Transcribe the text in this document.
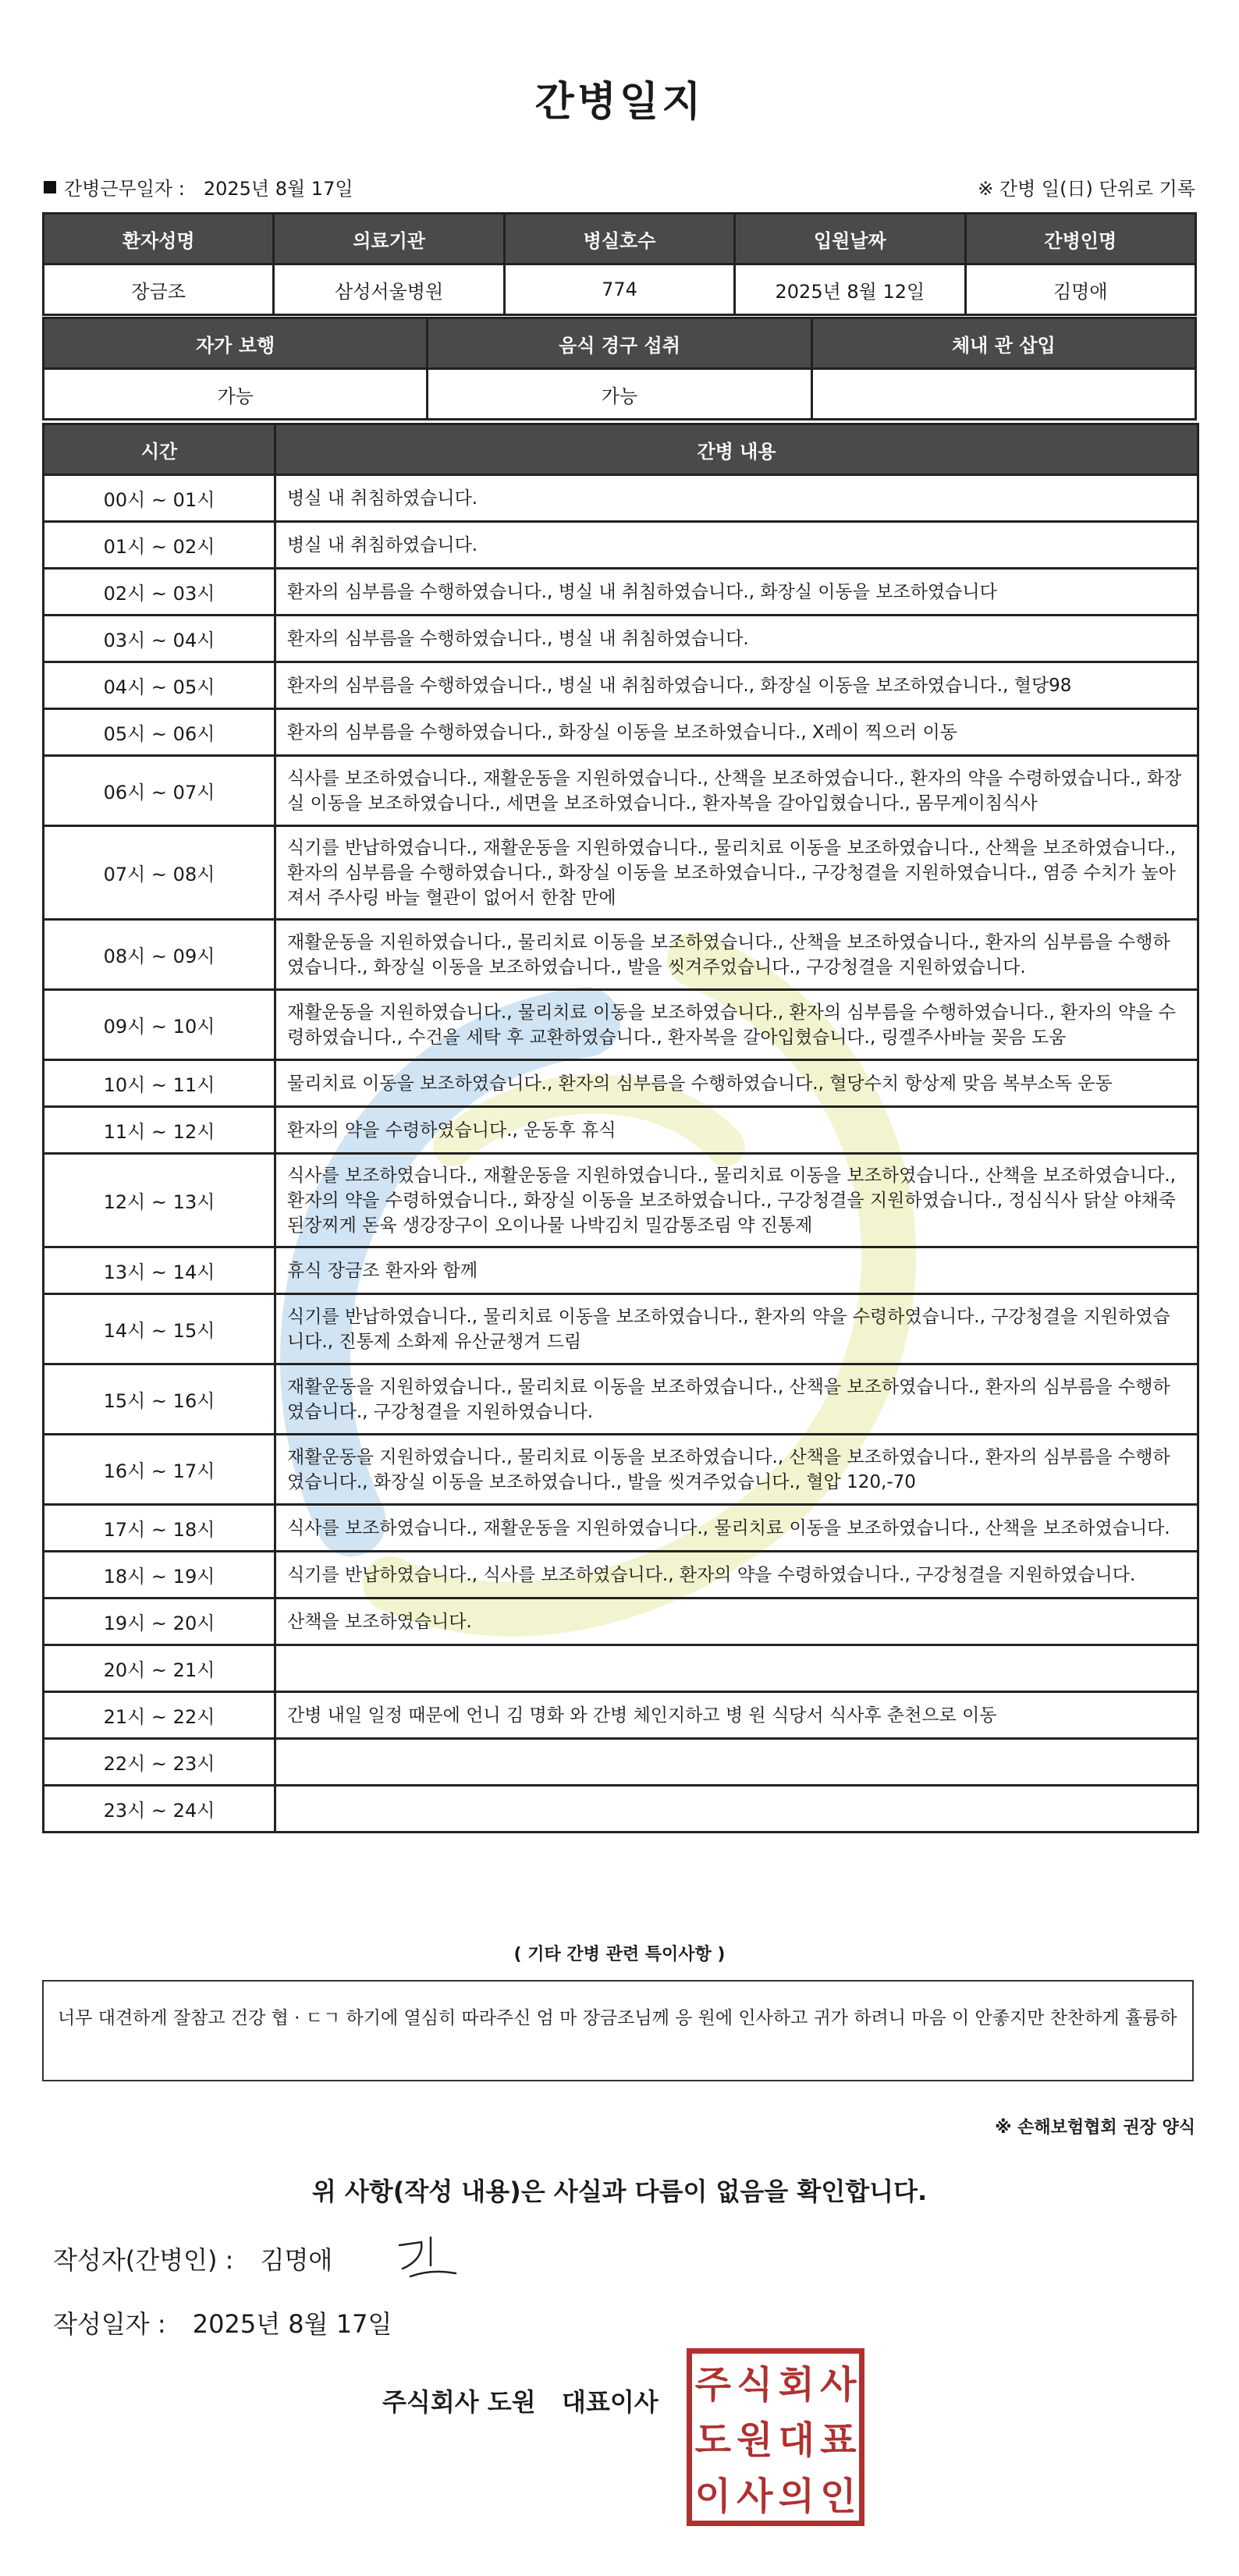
간병일지
간병근무일자 : 2025년 8월 17일	※ 간병 일(日) 단위로 기록
환자성명	의료기관	병실호수	입원날짜	간병인명
장금조	삼성서울병원	774	2025년 8월 12일	김명애
자가 보행	음식 경구 섭취	체내 관 삽입
가능	가능	
시간	간병 내용
00시 ~ 01시	병실 내 취침하였습니다.
01시 ~ 02시	병실 내 취침하였습니다.
02시 ~ 03시	환자의 심부름을 수행하였습니다., 병실 내 취침하였습니다., 화장실 이동을 보조하였습니다
03시 ~ 04시	환자의 심부름을 수행하였습니다., 병실 내 취침하였습니다.
04시 ~ 05시	환자의 심부름을 수행하였습니다., 병실 내 취침하였습니다., 화장실 이동을 보조하였습니다., 혈당98
05시 ~ 06시	환자의 심부름을 수행하였습니다., 화장실 이동을 보조하였습니다., X레이 찍으러 이동
06시 ~ 07시	식사를 보조하였습니다., 재활운동을 지원하였습니다., 산책을 보조하였습니다., 환자의 약을 수령하였습니다., 화장실 이동을 보조하였습니다., 세면을 보조하였습니다., 환자복을 갈아입혔습니다., 몸무게이침식사
07시 ~ 08시	식기를 반납하였습니다., 재활운동을 지원하였습니다., 물리치료 이동을 보조하였습니다., 산책을 보조하였습니다., 환자의 심부름을 수행하였습니다., 화장실 이동을 보조하였습니다., 구강청결을 지원하였습니다., 염증 수치가 높아져서 주사링 바늘 혈관이 없어서 한참 만에
08시 ~ 09시	재활운동을 지원하였습니다., 물리치료 이동을 보조하였습니다., 산책을 보조하였습니다., 환자의 심부름을 수행하였습니다., 화장실 이동을 보조하였습니다., 발을 씻겨주었습니다., 구강청결을 지원하였습니다.
09시 ~ 10시	재활운동을 지원하였습니다., 물리치료 이동을 보조하였습니다., 환자의 심부름을 수행하였습니다., 환자의 약을 수령하였습니다., 수건을 세탁 후 교환하였습니다., 환자복을 갈아입혔습니다., 링겔주사바늘 꽂음 도움
10시 ~ 11시	물리치료 이동을 보조하였습니다., 환자의 심부름을 수행하였습니다., 혈당수치 항상제 맞음 복부소독 운동
11시 ~ 12시	환자의 약을 수령하였습니다., 운동후 휴식
12시 ~ 13시	식사를 보조하였습니다., 재활운동을 지원하였습니다., 물리치료 이동을 보조하였습니다., 산책을 보조하였습니다., 환자의 약을 수령하였습니다., 화장실 이동을 보조하였습니다., 구강청결을 지원하였습니다., 정심식사 닭살 야채죽 된장찌게 돈육 생강장구이 오이나물 나박김치 밀감통조림 약 진통제
13시 ~ 14시	휴식 장금조 환자와 함께
14시 ~ 15시	식기를 반납하였습니다., 물리치료 이동을 보조하였습니다., 환자의 약을 수령하였습니다., 구강청결을 지원하였습니다., 진통제 소화제 유산균챙겨 드림
15시 ~ 16시	재활운동을 지원하였습니다., 물리치료 이동을 보조하였습니다., 산책을 보조하였습니다., 환자의 심부름을 수행하였습니다., 구강청결을 지원하였습니다.
16시 ~ 17시	재활운동을 지원하였습니다., 물리치료 이동을 보조하였습니다., 산책을 보조하였습니다., 환자의 심부름을 수행하였습니다., 화장실 이동을 보조하였습니다., 발을 씻겨주었습니다., 혈압 120,-70
17시 ~ 18시	식사를 보조하였습니다., 재활운동을 지원하였습니다., 물리치료 이동을 보조하였습니다., 산책을 보조하였습니다.
18시 ~ 19시	식기를 반납하였습니다., 식사를 보조하였습니다., 환자의 약을 수령하였습니다., 구강청결을 지원하였습니다.
19시 ~ 20시	산책을 보조하였습니다.
20시 ~ 21시	
21시 ~ 22시	간병 내일 일정 때문에 언니 김 명화 와 간병 체인지하고 병 원 식당서 식사후 춘천으로 이동
22시 ~ 23시	
23시 ~ 24시	
( 기타 간병 관련 특이사항 )
너무 대견하게 잘참고 건강 협 · ㄷㄱ 하기에 열심히 따라주신 엄 마 장금조님께 응 원에 인사하고 귀가 하려니 마음 이 안좋지만 찬찬하게 휼륭하
※ 손해보험협회 권장 양식
위 사항(작성 내용)은 사실과 다름이 없음을 확인합니다.
작성자(간병인) : 김명애
작성일자 : 2025년 8월 17일
주식회사 도원   대표이사 주 식 회 사
도 원 대 표
이 사 의 인
